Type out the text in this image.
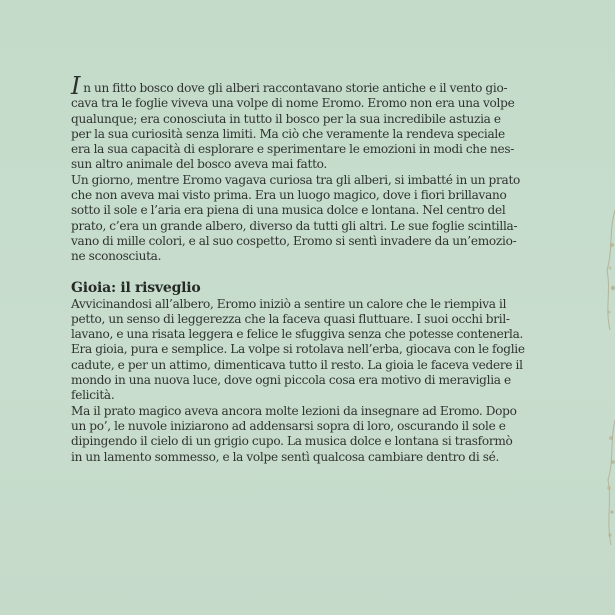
In un fitto bosco dove gli alberi raccontavano storie antiche e il vento gio-
cava tra le foglie viveva una volpe di nome Eromo. Eromo non era una volpe
qualunque; era conosciuta in tutto il bosco per la sua incredibile astuzia e
per la sua curiosità senza limiti. Ma ciò che veramente la rendeva speciale
era la sua capacità di esplorare e sperimentare le emozioni in modi che nes-
sun altro animale del bosco aveva mai fatto.
Un giorno, mentre Eromo vagava curiosa tra gli alberi, si imbatté in un prato
che non aveva mai visto prima. Era un luogo magico, dove i fiori brillavano
sotto il sole e l’aria era piena di una musica dolce e lontana. Nel centro del
prato, c’era un grande albero, diverso da tutti gli altri. Le sue foglie scintilla-
vano di mille colori, e al suo cospetto, Eromo si sentì invadere da un’emozio-
ne sconosciuta.
Gioia: il risveglio
Avvicinandosi all’albero, Eromo iniziò a sentire un calore che le riempiva il
petto, un senso di leggerezza che la faceva quasi fluttuare. I suoi occhi bril-
lavano, e una risata leggera e felice le sfuggiva senza che potesse contenerla.
Era gioia, pura e semplice. La volpe si rotolava nell’erba, giocava con le foglie
cadute, e per un attimo, dimenticava tutto il resto. La gioia le faceva vedere il
mondo in una nuova luce, dove ogni piccola cosa era motivo di meraviglia e
felicità.
Ma il prato magico aveva ancora molte lezioni da insegnare ad Eromo. Dopo
un po’, le nuvole iniziarono ad addensarsi sopra di loro, oscurando il sole e
dipingendo il cielo di un grigio cupo. La musica dolce e lontana si trasformò
in un lamento sommesso, e la volpe sentì qualcosa cambiare dentro di sé.
